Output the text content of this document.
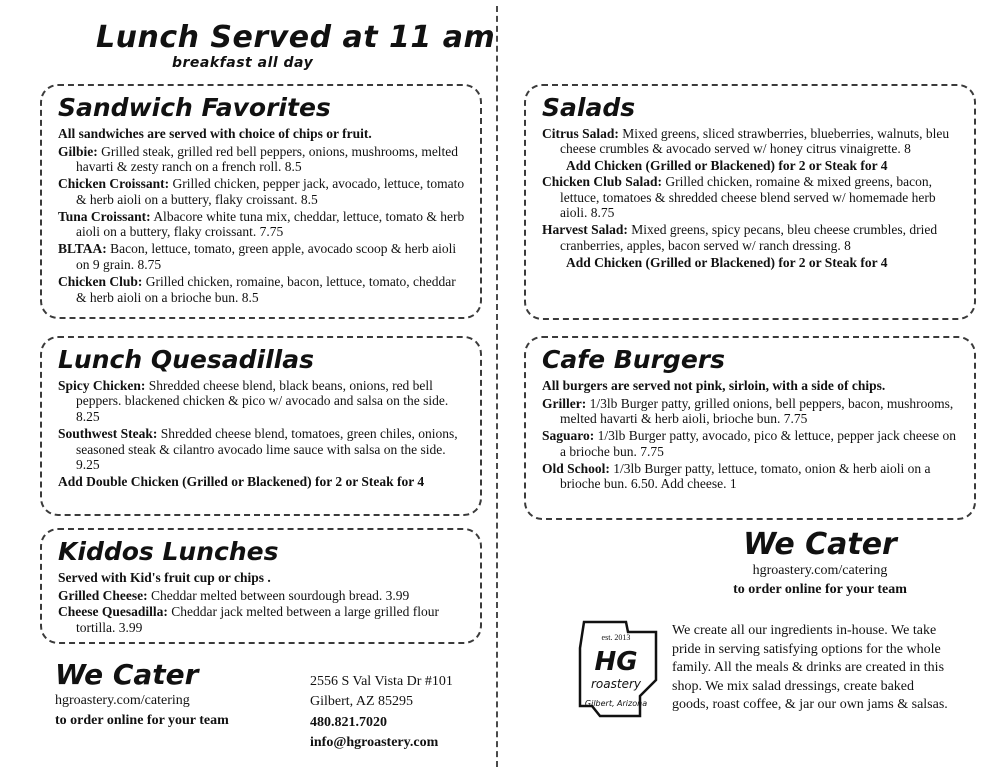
Lunch Served at 11 am
breakfast all day
Sandwich Favorites
All sandwiches are served with choice of chips or fruit.

Gilbie: Grilled steak, grilled red bell peppers, onions, mushrooms, melted havarti & zesty ranch on a french roll. 8.5

Chicken Croissant: Grilled chicken, pepper jack, avocado, lettuce, tomato & herb aioli on a buttery, flaky croissant. 8.5

Tuna Croissant: Albacore white tuna mix, cheddar, lettuce, tomato & herb aioli on a buttery, flaky croissant. 7.75

BLTAA: Bacon, lettuce, tomato, green apple, avocado scoop & herb aioli on 9 grain. 8.75

Chicken Club: Grilled chicken, romaine, bacon, lettuce, tomato, cheddar & herb aioli on a brioche bun. 8.5

Lunch Quesadillas

Spicy Chicken: Shredded cheese blend, black beans, onions, red bell peppers. blackened chicken & pico w/ avocado and salsa on the side. 8.25

Southwest Steak: Shredded cheese blend, tomatoes, green chiles, onions, seasoned steak & cilantro avocado lime sauce with salsa on the side. 9.25

Add Double Chicken (Grilled or Blackened) for 2 or Steak for 4

Kiddos Lunches
Served with Kid's fruit cup or chips .

Grilled Cheese: Cheddar melted between sourdough bread. 3.99

Cheese Quesadilla: Cheddar jack melted between a large grilled flour tortilla. 3.99

We Cater
hgroastery.com/catering
to order online for your team
2556 S Val Vista Dr #101
Gilbert, AZ 85295
480.821.7020
info@hgroastery.com
Salads

Citrus Salad: Mixed greens, sliced strawberries, blueberries, walnuts, bleu cheese crumbles & avocado served w/ honey citrus vinaigrette. 8

Add Chicken (Grilled or Blackened) for 2 or Steak for 4

Chicken Club Salad: Grilled chicken, romaine & mixed greens, bacon, lettuce, tomatoes & shredded cheese blend served w/ homemade herb aioli. 8.75

Harvest Salad: Mixed greens, spicy pecans, bleu cheese crumbles, dried cranberries, apples, bacon served w/ ranch dressing. 8

Add Chicken (Grilled or Blackened) for 2 or Steak for 4

Cafe Burgers
All burgers are served not pink, sirloin, with a side of chips.

Griller: 1/3lb Burger patty, grilled onions, bell peppers, bacon, mushrooms, melted havarti & herb aioli, brioche bun. 7.75

Saguaro: 1/3lb Burger patty, avocado, pico & lettuce, pepper jack cheese on a brioche bun. 7.75

Old School: 1/3lb Burger patty, lettuce, tomato, onion & herb aioli on a brioche bun. 6.50. Add cheese. 1

We Cater
hgroastery.com/catering
to order online for your team
est. 2013
HG
roastery
Gilbert, Arizona
We create all our ingredients in-house. We take pride in serving satisfying options for the whole family. All the meals & drinks are created in this shop. We mix salad dressings, create baked goods, roast coffee, & jar our own jams & salsas.
